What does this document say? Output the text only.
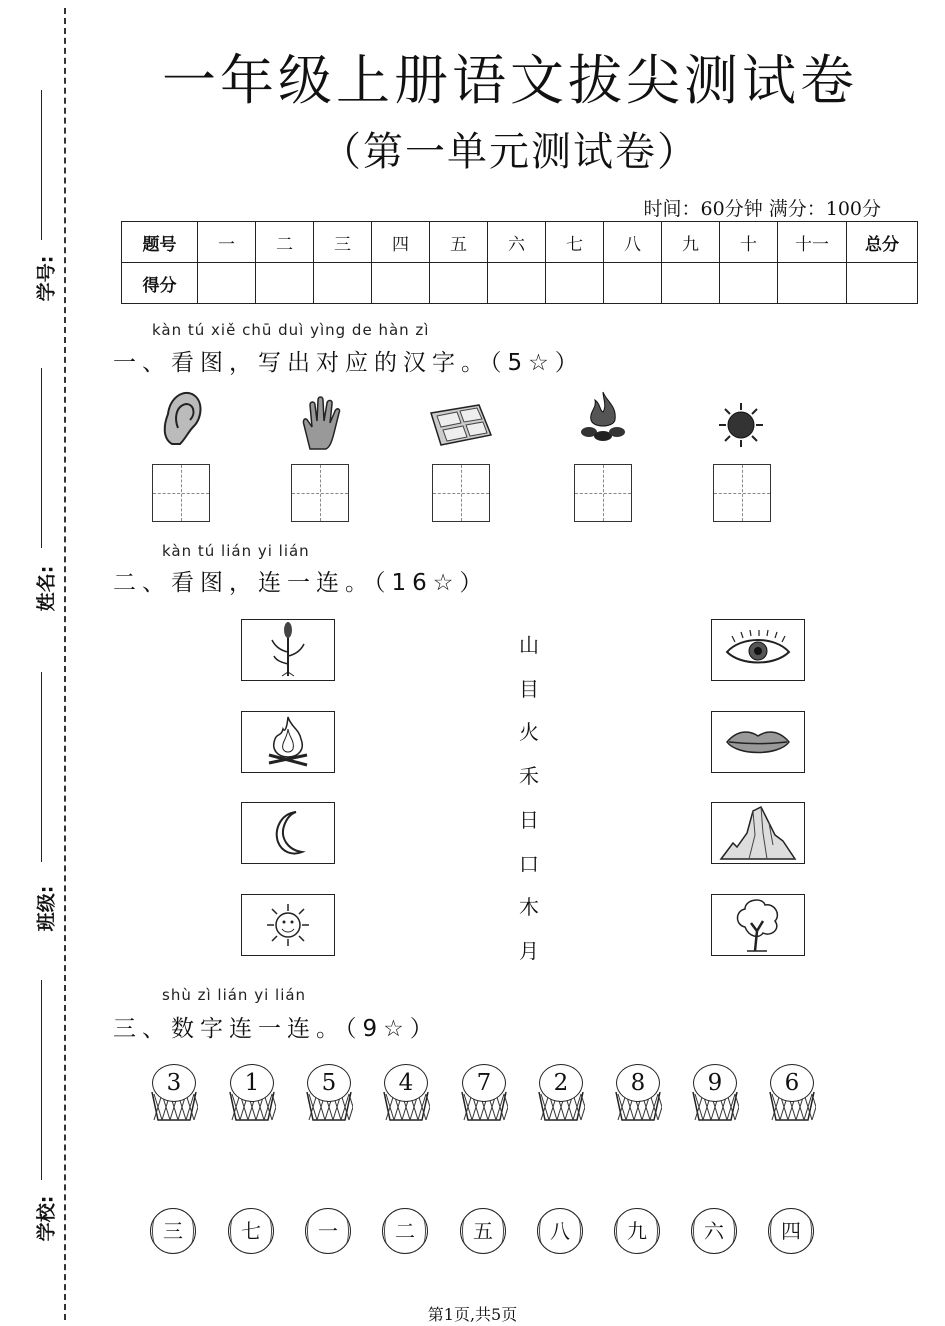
学号:
姓名:
班级:
学校:
一年级上册语文拔尖测试卷
（第一单元测试卷）
时间：60分钟 满分：100分
题号	一	二	三	四	五	六	七	八	九	十	十一	总分
得分												
kàn tú xiě chū duì yìng de hàn zì
一、看图，写出对应的汉字。（5☆）
kàn tú lián yi lián
二、看图，连一连。（16☆）
山
目
火
禾
日
口
木
月
shù zì lián yi lián
三、数字连一连。（9☆）
3	1	5	4	7	2	8	9	6
三	七	一	二	五	八	九	六	四
第1页,共5页
